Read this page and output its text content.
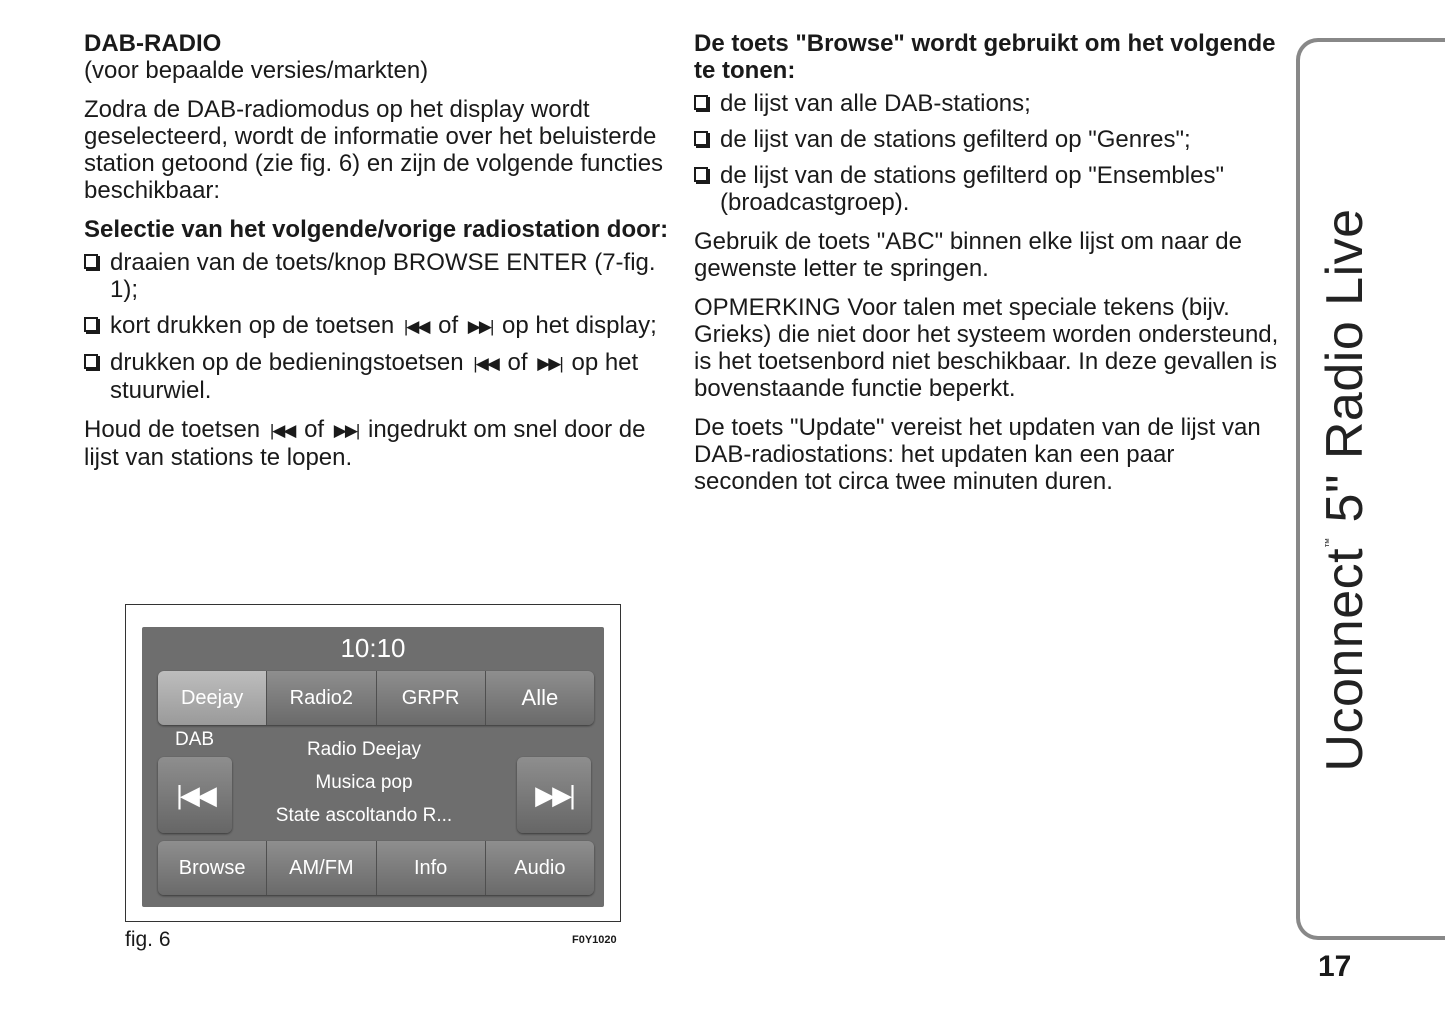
DAB-RADIO
(voor bepaalde versies/markten)

Zodra de DAB-radiomodus op het display wordt geselecteerd, wordt de informatie over het beluisterde station getoond (zie fig. 6) en zijn de volgende functies beschikbaar:

Selectie van het volgende/vorige radiostation door:
draaien van de toets/knop BROWSE ENTER (7-fig. 1);
kort drukken op de toetsen |◀◀ of ▶▶| op het display;
drukken op de bedieningstoetsen |◀◀ of ▶▶| op het stuurwiel.

Houd de toetsen |◀◀ of ▶▶| ingedrukt om snel door de lijst van stations te lopen.

De toets "Browse" wordt gebruikt om het volgende te tonen:
de lijst van alle DAB-stations;
de lijst van de stations gefilterd op "Genres";
de lijst van de stations gefilterd op "Ensembles" (broadcastgroep).

Gebruik de toets "ABC" binnen elke lijst om naar de gewenste letter te springen.

OPMERKING Voor talen met speciale tekens (bijv. Grieks) die niet door het systeem worden ondersteund, is het toetsenbord niet beschikbaar. In deze gevallen is bovenstaande functie beperkt.

De toets "Update" vereist het updaten van de lijst van DAB-radiostations: het updaten kan een paar seconden tot circa twee minuten duren.

10:10
Deejay	Radio2	GRPR	Alle
DAB	Radio Deejay
Musica pop
State ascoltando R...
|◀◀	▶▶|
Browse	AM/FM	Info	Audio
fig. 6	F0Y1020
Uconnect™ 5" Radio Live
17
